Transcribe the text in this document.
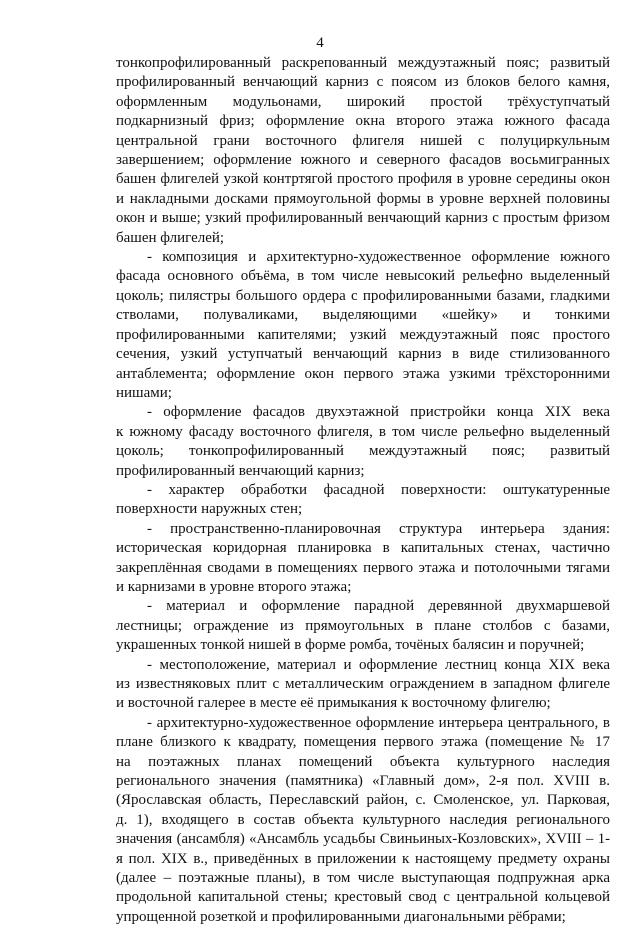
4
тонкопрофилированный раскрепованный междуэтажный пояс; развитый
профилированный венчающий карниз с поясом из блоков белого камня,
оформленным модульонами, широкий простой трёхуступчатый
подкарнизный фриз; оформление окна второго этажа южного фасада
центральной грани восточного флигеля нишей с полуциркульным
завершением; оформление южного и северного фасадов восьмигранных
башен флигелей узкой контртягой простого профиля в уровне середины окон
и накладными досками прямоугольной формы в уровне верхней половины
окон и выше; узкий профилированный венчающий карниз с простым фризом
башен флигелей;
- композиция и архитектурно-художественное оформление южного
фасада основного объёма, в том числе невысокий рельефно выделенный
цоколь; пилястры большого ордера с профилированными базами, гладкими
стволами, полуваликами, выделяющими «шейку» и тонкими
профилированными капителями; узкий междуэтажный пояс простого
сечения, узкий уступчатый венчающий карниз в виде стилизованного
антаблемента; оформление окон первого этажа узкими трёхсторонними
нишами;
- оформление фасадов двухэтажной пристройки конца XIX века
к южному фасаду восточного флигеля, в том числе рельефно выделенный
цоколь; тонкопрофилированный междуэтажный пояс; развитый
профилированный венчающий карниз;
- характер обработки фасадной поверхности: оштукатуренные
поверхности наружных стен;
- пространственно-планировочная структура интерьера здания:
историческая коридорная планировка в капитальных стенах, частично
закреплённая сводами в помещениях первого этажа и потолочными тягами
и карнизами в уровне второго этажа;
- материал и оформление парадной деревянной двухмаршевой
лестницы; ограждение из прямоугольных в плане столбов с базами,
украшенных тонкой нишей в форме ромба, точёных балясин и поручней;
- местоположение, материал и оформление лестниц конца XIX века
из известняковых плит с металлическим ограждением в западном флигеле
и восточной галерее в месте её примыкания к восточному флигелю;
- архитектурно-художественное оформление интерьера центрального, в
плане близкого к квадрату, помещения первого этажа (помещение № 17
на поэтажных планах помещений объекта культурного наследия
регионального значения (памятника) «Главный дом», 2-я пол. XVIII в.
(Ярославская область, Переславский район, с. Смоленское, ул. Парковая,
д. 1), входящего в состав объекта культурного наследия регионального
значения (ансамбля) «Ансамбль усадьбы Свиньиных-Козловских», XVIII – 1-
я пол. XIX в., приведённых в приложении к настоящему предмету охраны
(далее – поэтажные планы), в том числе выступающая подпружная арка
продольной капитальной стены; крестовый свод с центральной кольцевой
упрощенной розеткой и профилированными диагональными рёбрами;
